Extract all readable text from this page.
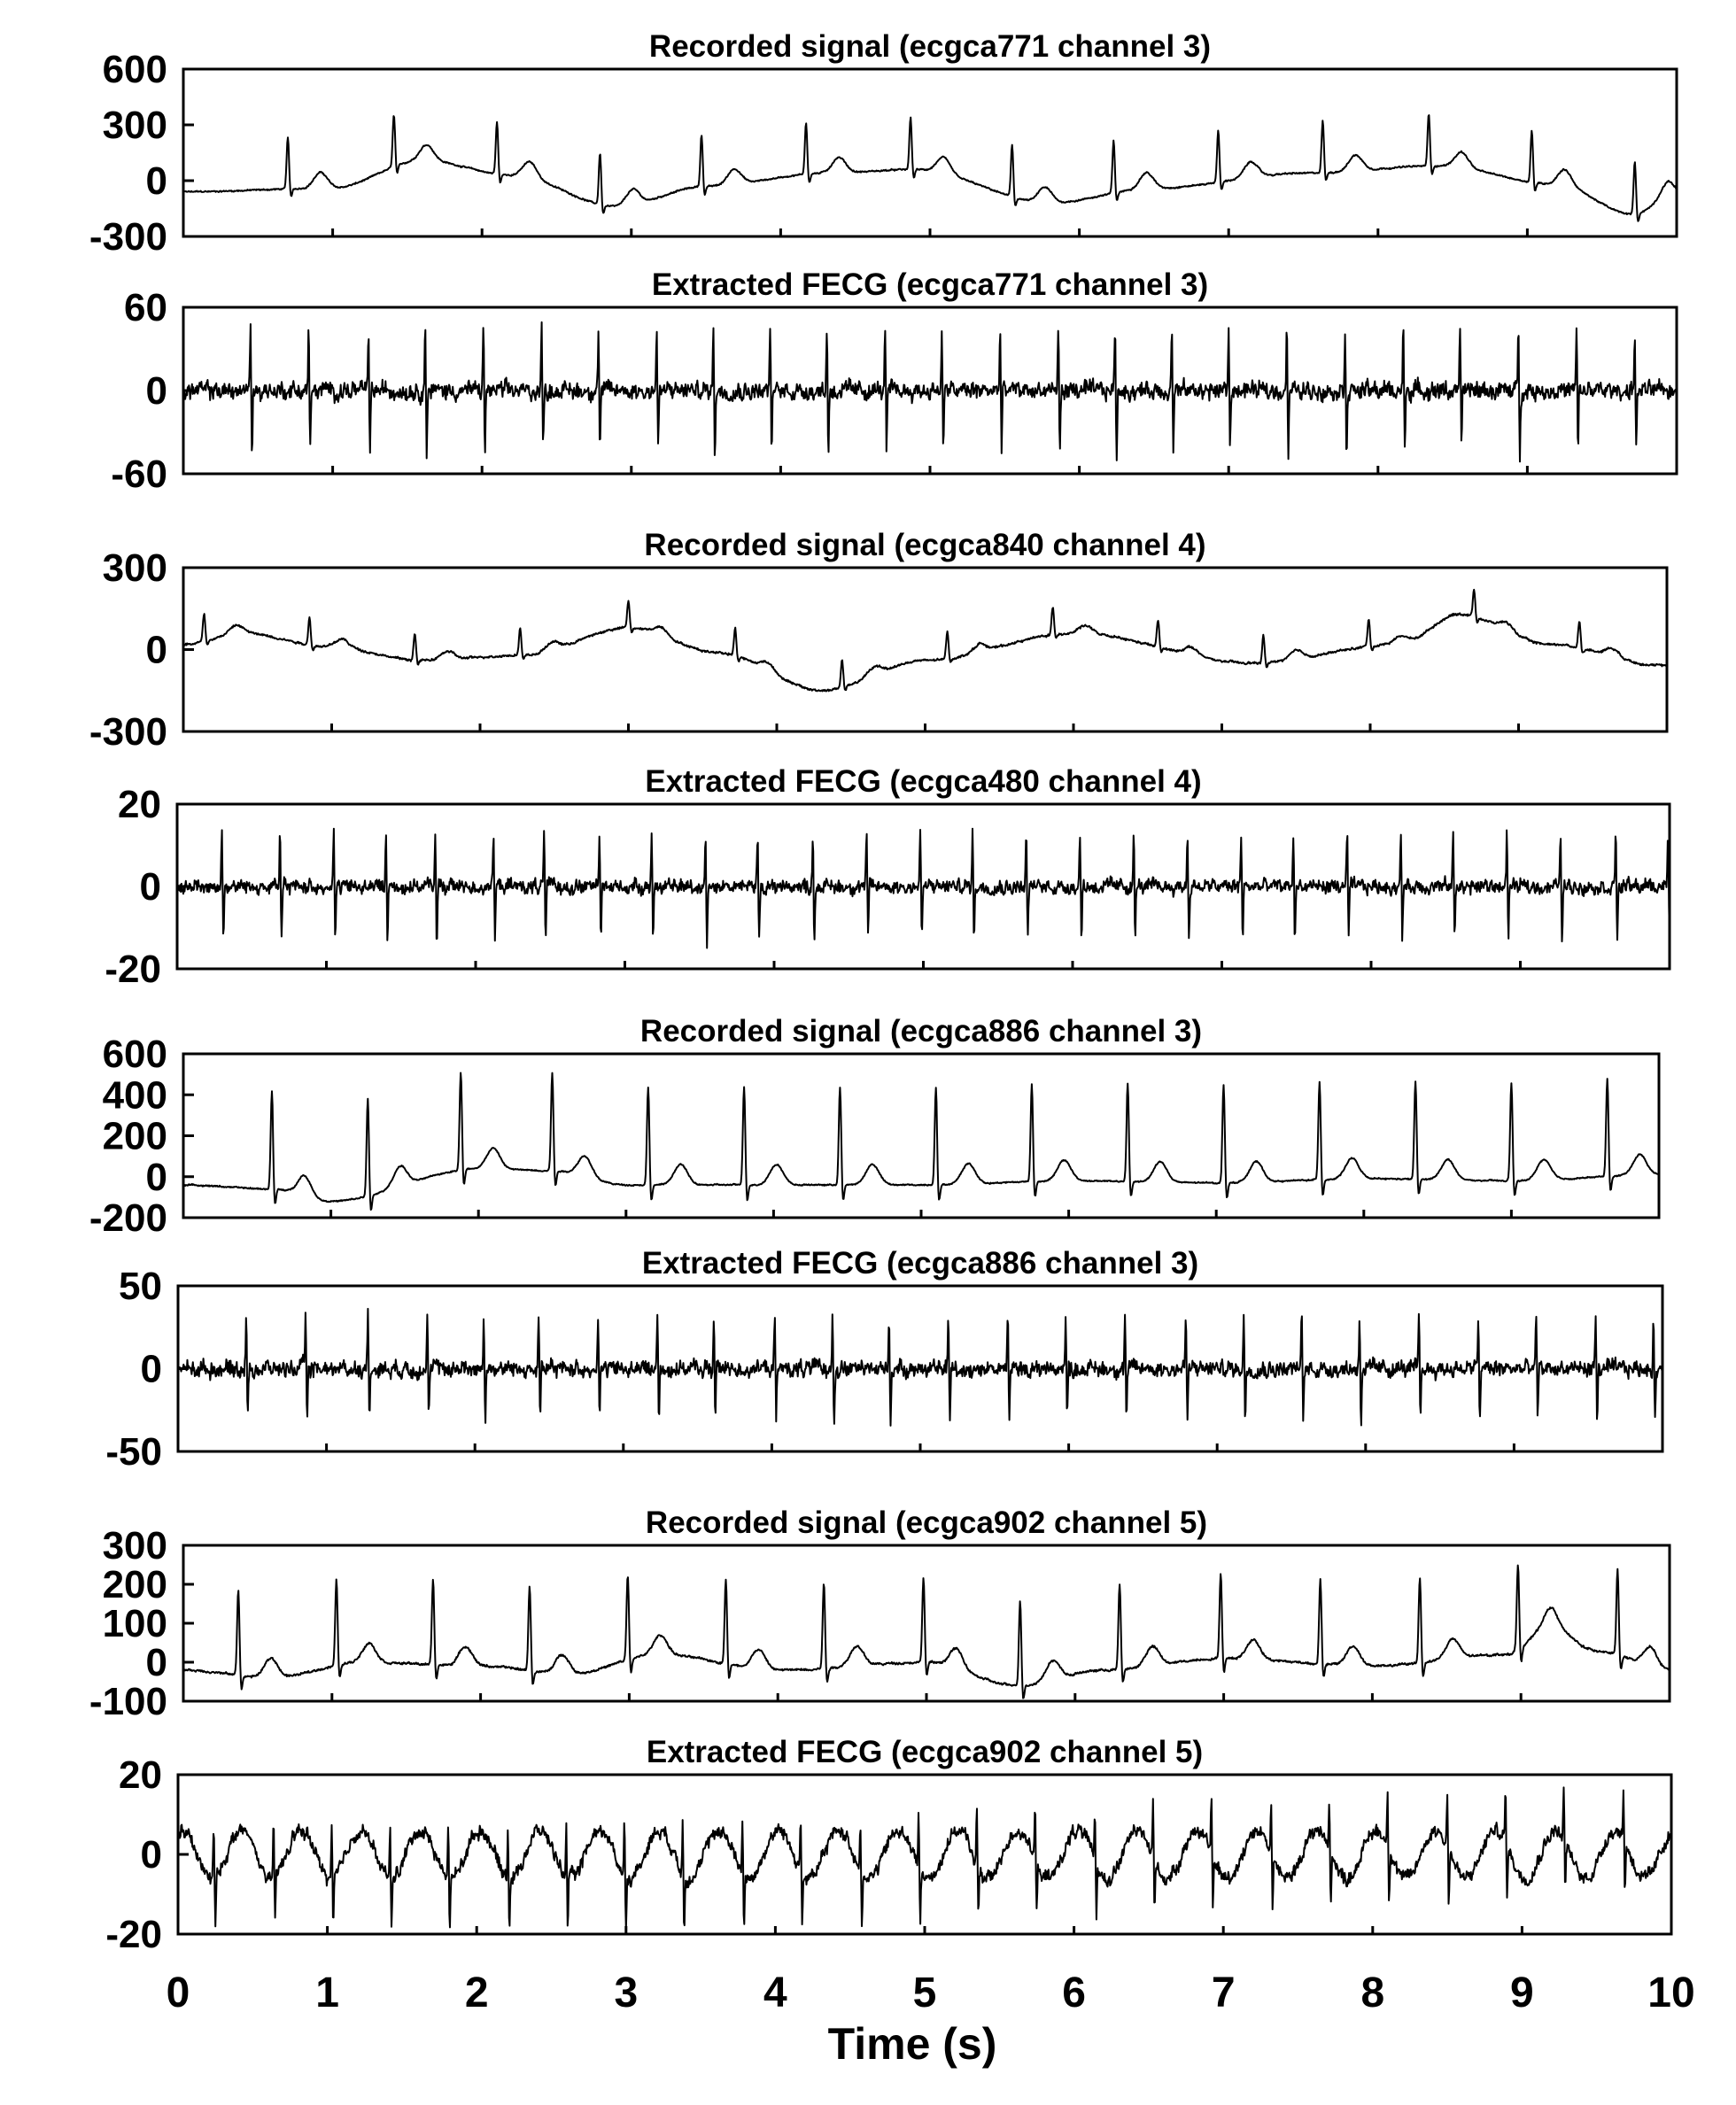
Recorded signal (ecgca771 channel 3)
600
300
0
-300
Extracted FECG (ecgca771 channel 3)
60
0
-60
Recorded signal (ecgca840 channel 4)
300
0
-300
Extracted FECG (ecgca480 channel 4)
20
0
-20
Recorded signal (ecgca886 channel 3)
600
400
200
0
-200
Extracted FECG (ecgca886 channel 3)
50
0
-50
Recorded signal (ecgca902 channel 5)
300
200
100
0
-100
Extracted FECG (ecgca902 channel 5)
20
0
-20
0	1	2	3	4	5	6	7	8	9	10
Time (s)
